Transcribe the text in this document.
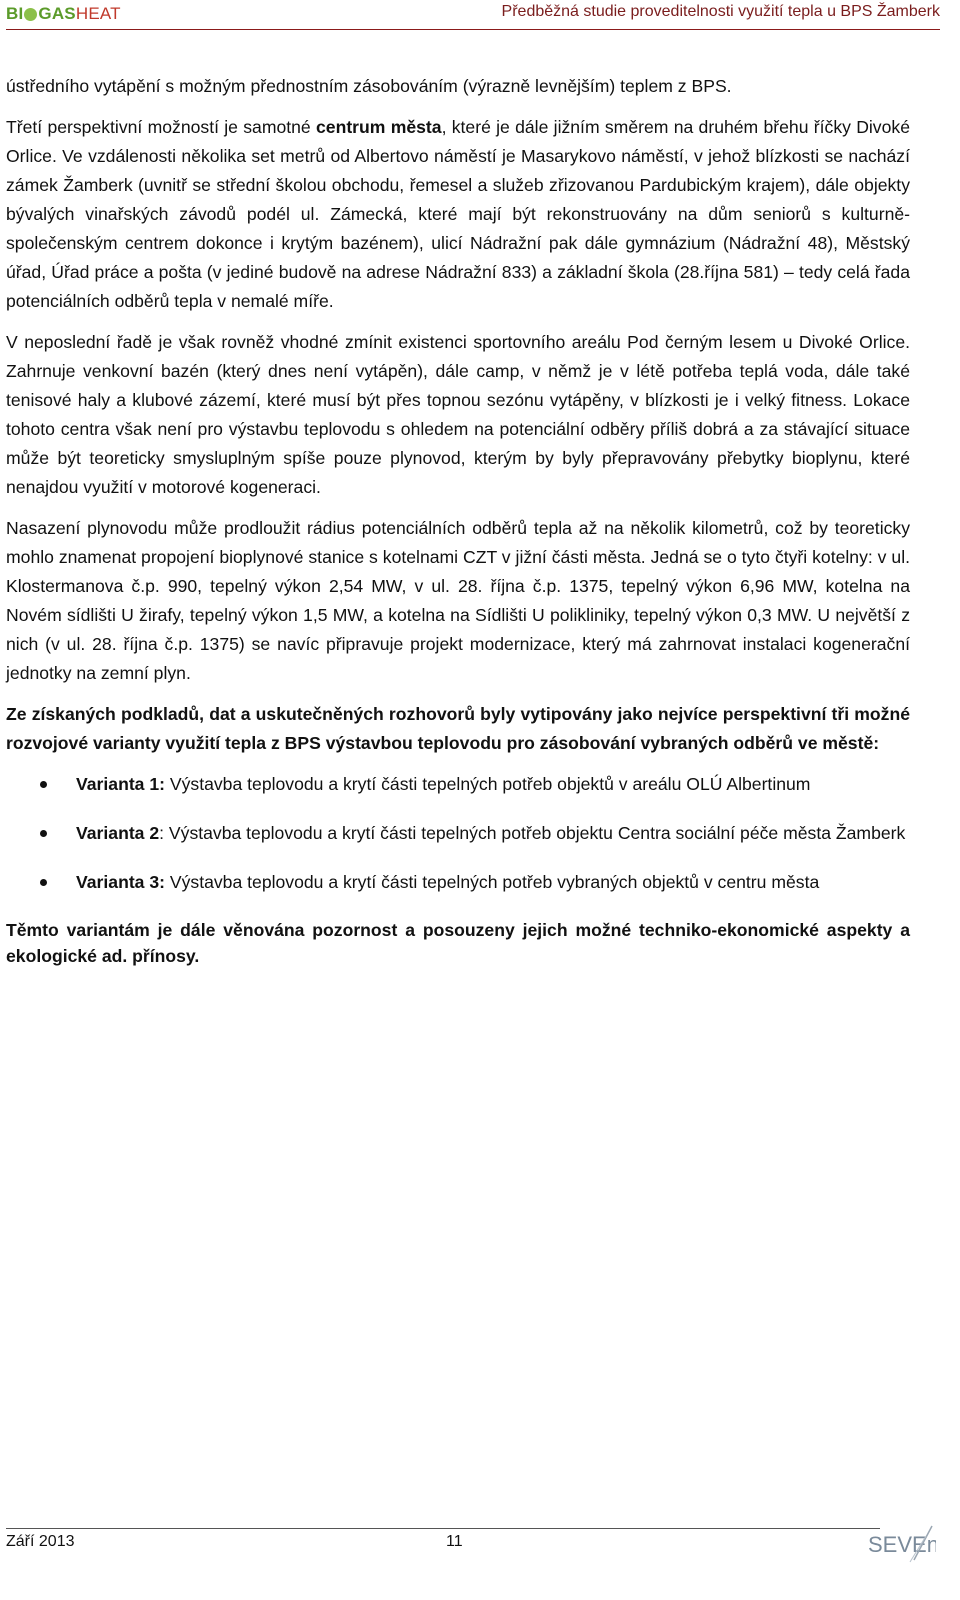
BI GAS HEAT	Předběžná studie proveditelnosti využití tepla u BPS Žamberk

ústředního vytápění s možným přednostním zásobováním (výrazně levnějším) teplem z BPS.

Třetí perspektivní možností je samotné centrum města, které je dále jižním směrem na druhém břehu říčky Divoké Orlice. Ve vzdálenosti několika set metrů od Albertovo náměstí je Masarykovo náměstí, v jehož blízkosti se nachází zámek Žamberk (uvnitř se střední školou obchodu, řemesel a služeb zřizovanou Pardubickým krajem), dále objekty bývalých vinařských závodů podél ul. Zámecká, které mají být rekonstruovány na dům seniorů s kulturně-společenským centrem dokonce i krytým bazénem), ulicí Nádražní pak dále gymnázium (Nádražní 48), Městský úřad, Úřad práce a pošta (v jediné budově na adrese Nádražní 833) a základní škola (28.října 581) – tedy celá řada potenciálních odběrů tepla v nemalé míře.

V neposlední řadě je však rovněž vhodné zmínit existenci sportovního areálu Pod černým lesem u Divoké Orlice. Zahrnuje venkovní bazén (který dnes není vytápěn), dále camp, v němž je v létě potřeba teplá voda, dále také tenisové haly a klubové zázemí, které musí být přes topnou sezónu vytápěny, v blízkosti je i velký fitness. Lokace tohoto centra však není pro výstavbu teplovodu s ohledem na potenciální odběry příliš dobrá a za stávající situace může být teoreticky smysluplným spíše pouze plynovod, kterým by byly přepravovány přebytky bioplynu, které nenajdou využití v motorové kogeneraci.

Nasazení plynovodu může prodloužit rádius potenciálních odběrů tepla až na několik kilometrů, což by teoreticky mohlo znamenat propojení bioplynové stanice s kotelnami CZT v jižní části města. Jedná se o tyto čtyři kotelny: v ul. Klostermanova č.p. 990, tepelný výkon 2,54 MW, v ul. 28. října č.p. 1375, tepelný výkon 6,96 MW, kotelna na Novém sídlišti U žirafy, tepelný výkon 1,5 MW, a kotelna na Sídlišti U polikliniky, tepelný výkon 0,3 MW. U největší z nich (v ul. 28. října č.p. 1375) se navíc připravuje projekt modernizace, který má zahrnovat instalaci kogenerační jednotky na zemní plyn.

Ze získaných podkladů, dat a uskutečněných rozhovorů byly vytipovány jako nejvíce perspektivní tři možné rozvojové varianty využití tepla z BPS výstavbou teplovodu pro zásobování vybraných odběrů ve městě:

Varianta 1: Výstavba teplovodu a krytí části tepelných potřeb objektů v areálu OLÚ Albertinum
Varianta 2: Výstavba teplovodu a krytí části tepelných potřeb objektu Centra sociální péče města Žamberk
Varianta 3: Výstavba teplovodu a krytí části tepelných potřeb vybraných objektů v centru města

Těmto variantám je dále věnována pozornost a posouzeny jejich možné techniko-ekonomické aspekty a ekologické ad. přínosy.

Září 2013	11	SEVEn
